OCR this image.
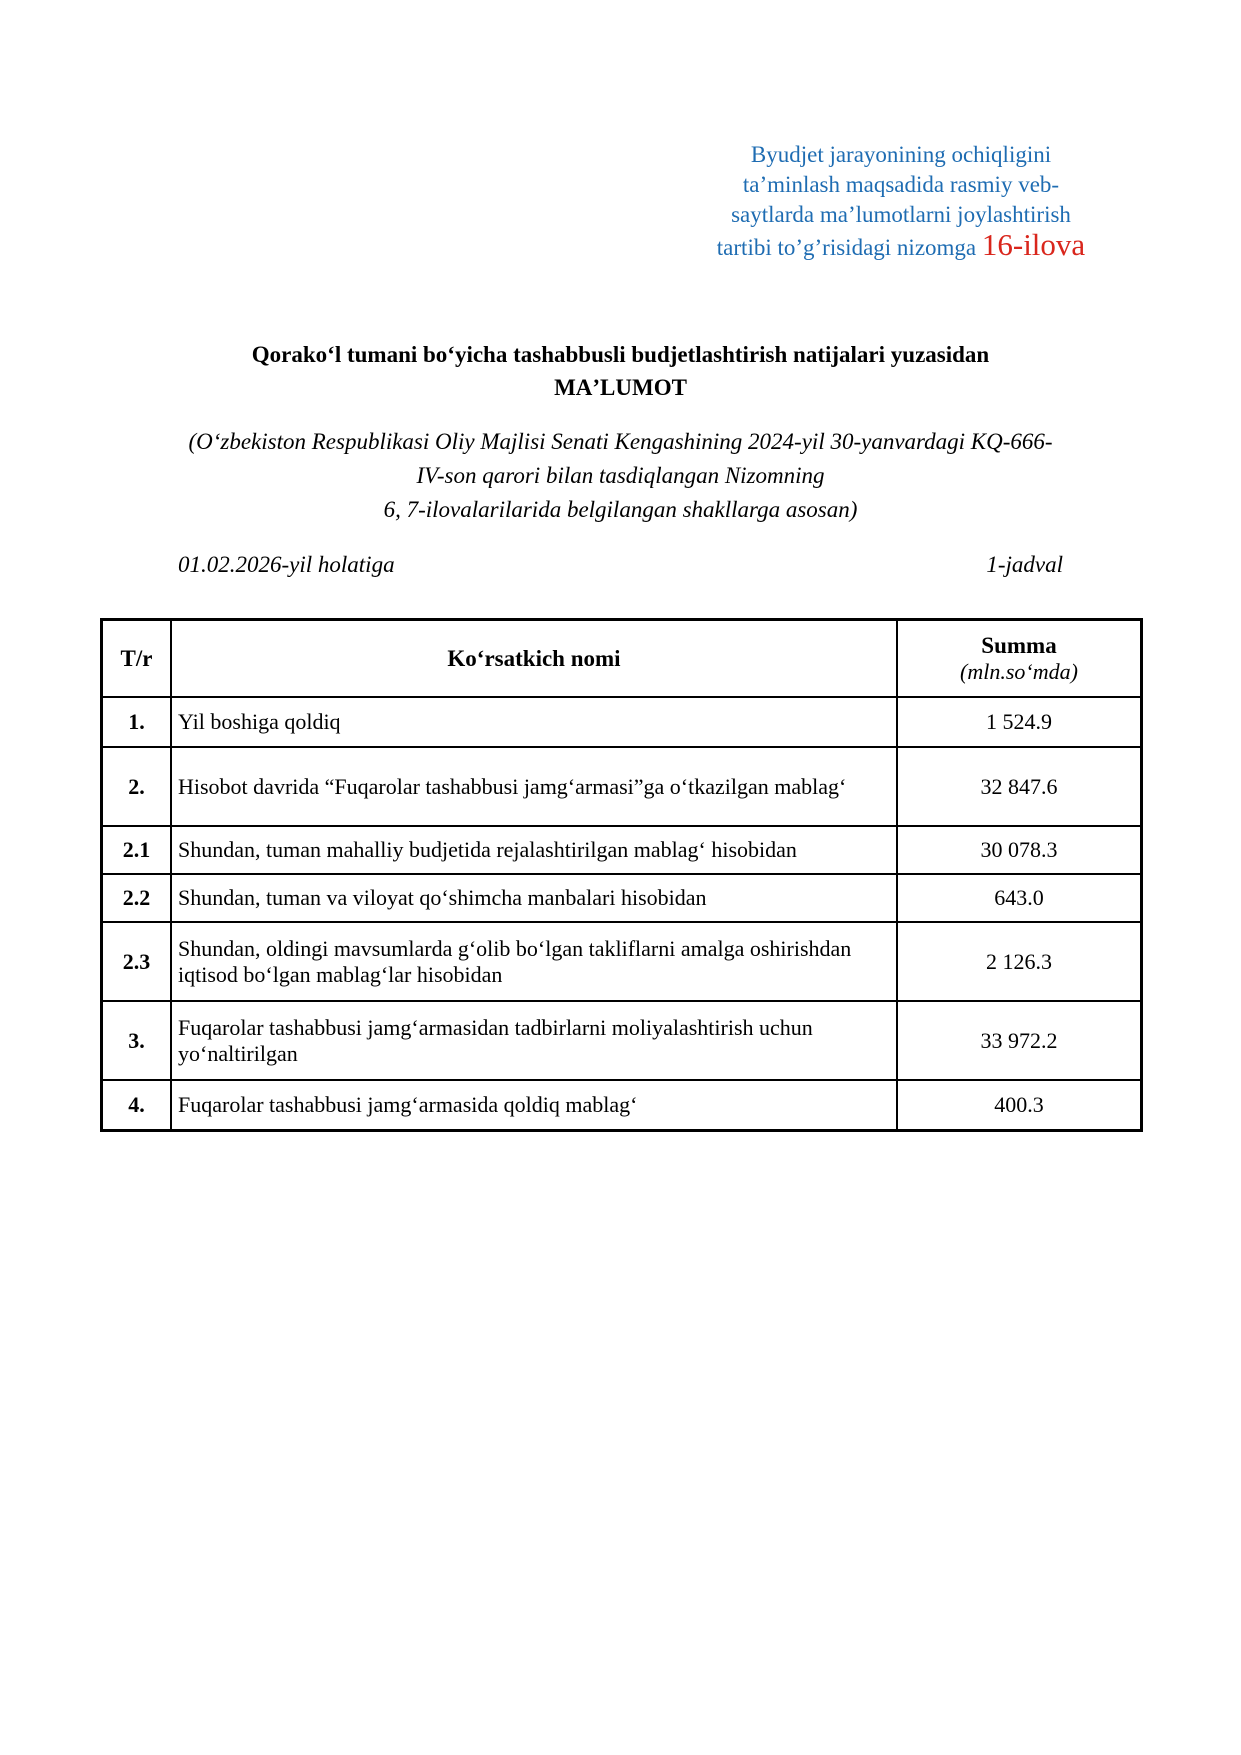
Byudjet jarayonining ochiqligini
ta’minlash maqsadida rasmiy veb-
saytlarda ma’lumotlarni joylashtirish
tartibi to’g’risidagi nizomga 16-ilova
Qorakoʻl tumani boʻyicha tashabbusli budjetlashtirish natijalari yuzasidan
MAʼLUMOT
(Oʻzbekiston Respublikasi Oliy Majlisi Senati Kengashining 2024-yil 30-yanvardagi KQ-666-
IV-son qarori bilan tasdiqlangan Nizomning
6, 7-ilovalarilarida belgilangan shakllarga asosan)
01.02.2026-yil holatiga	1-jadval
T/r	Koʻrsatkich nomi	Summa
(mln.soʻmda)

1.	Yil boshiga qoldiq	1 524.9
2.	Hisobot davrida “Fuqarolar tashabbusi jamgʻarmasi”ga oʻtkazilgan mablagʻ	32 847.6
2.1	Shundan, tuman mahalliy budjetida rejalashtirilgan mablagʻ hisobidan	30 078.3
2.2	Shundan, tuman va viloyat qoʻshimcha manbalari hisobidan	643.0
2.3	Shundan, oldingi mavsumlarda gʻolib boʻlgan takliflarni amalga oshirishdan iqtisod boʻlgan mablagʻlar hisobidan	2 126.3
3.	Fuqarolar tashabbusi jamgʻarmasidan tadbirlarni moliyalashtirish uchun yoʻnaltirilgan	33 972.2
4.	Fuqarolar tashabbusi jamgʻarmasida qoldiq mablagʻ	400.3
